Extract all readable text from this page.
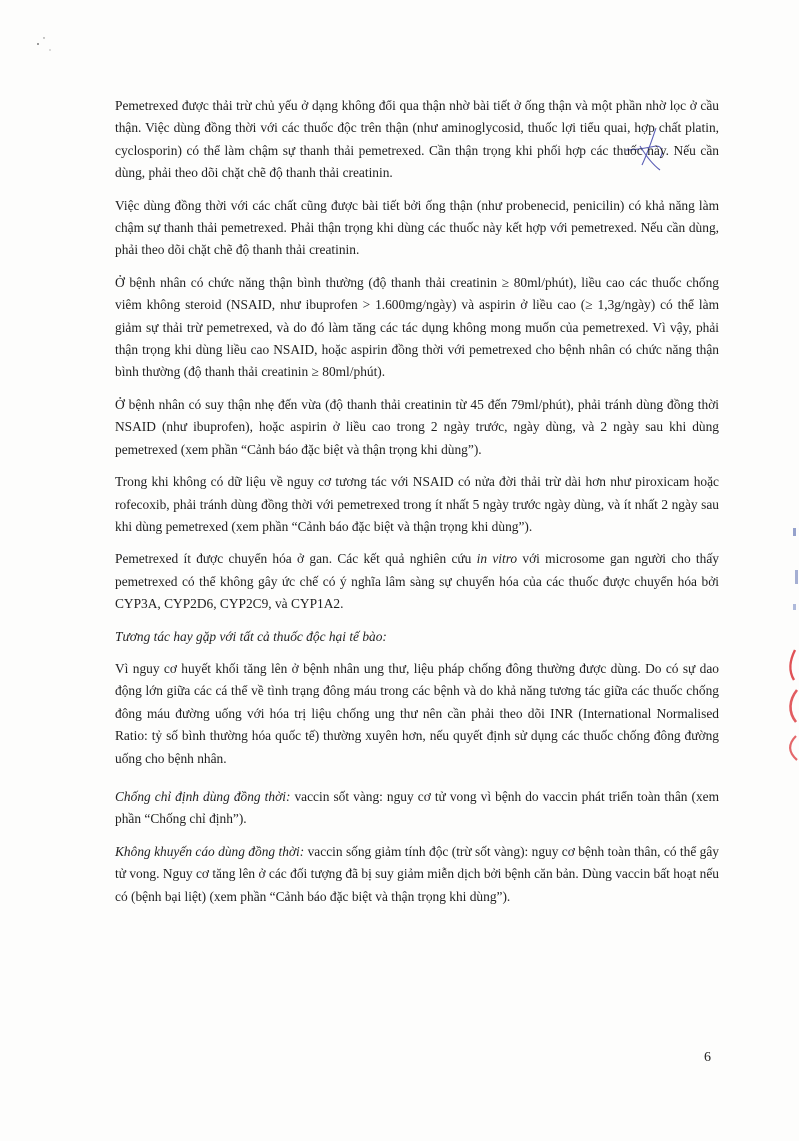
Pemetrexed được thải trừ chủ yếu ở dạng không đổi qua thận nhờ bài tiết ở ống thận và một phần nhờ lọc ở cầu thận. Việc dùng đồng thời với các thuốc độc trên thận (như aminoglycosid, thuốc lợi tiểu quai, hợp chất platin, cyclosporin) có thể làm chậm sự thanh thải pemetrexed. Cần thận trọng khi phối hợp các thuốc này. Nếu cần dùng, phải theo dõi chặt chẽ độ thanh thải creatinin.

Việc dùng đồng thời với các chất cũng được bài tiết bởi ống thận (như probenecid, penicilin) có khả năng làm chậm sự thanh thải pemetrexed. Phải thận trọng khi dùng các thuốc này kết hợp với pemetrexed. Nếu cần dùng, phải theo dõi chặt chẽ độ thanh thải creatinin.

Ở bệnh nhân có chức năng thận bình thường (độ thanh thải creatinin ≥ 80ml/phút), liều cao các thuốc chống viêm không steroid (NSAID, như ibuprofen > 1.600mg/ngày) và aspirin ở liều cao (≥ 1,3g/ngày) có thể làm giảm sự thải trừ pemetrexed, và do đó làm tăng các tác dụng không mong muốn của pemetrexed. Vì vậy, phải thận trọng khi dùng liều cao NSAID, hoặc aspirin đồng thời với pemetrexed cho bệnh nhân có chức năng thận bình thường (độ thanh thải creatinin ≥ 80ml/phút).

Ở bệnh nhân có suy thận nhẹ đến vừa (độ thanh thải creatinin từ 45 đến 79ml/phút), phải tránh dùng đồng thời NSAID (như ibuprofen), hoặc aspirin ở liều cao trong 2 ngày trước, ngày dùng, và 2 ngày sau khi dùng pemetrexed (xem phần “Cảnh báo đặc biệt và thận trọng khi dùng”).

Trong khi không có dữ liệu về nguy cơ tương tác với NSAID có nửa đời thải trừ dài hơn như piroxicam hoặc rofecoxib, phải tránh dùng đồng thời với pemetrexed trong ít nhất 5 ngày trước ngày dùng, và ít nhất 2 ngày sau khi dùng pemetrexed (xem phần “Cảnh báo đặc biệt và thận trọng khi dùng”).

Pemetrexed ít được chuyển hóa ở gan. Các kết quả nghiên cứu in vitro với microsome gan người cho thấy pemetrexed có thể không gây ức chế có ý nghĩa lâm sàng sự chuyển hóa của các thuốc được chuyển hóa bởi CYP3A, CYP2D6, CYP2C9, và CYP1A2.

Tương tác hay gặp với tất cả thuốc độc hại tế bào:

Vì nguy cơ huyết khối tăng lên ở bệnh nhân ung thư, liệu pháp chống đông thường được dùng. Do có sự dao động lớn giữa các cá thể về tình trạng đông máu trong các bệnh và do khả năng tương tác giữa các thuốc chống đông máu đường uống với hóa trị liệu chống ung thư nên cần phải theo dõi INR (International Normalised Ratio: tỷ số bình thường hóa quốc tế) thường xuyên hơn, nếu quyết định sử dụng các thuốc chống đông đường uống cho bệnh nhân.

Chống chỉ định dùng đồng thời: vaccin sốt vàng: nguy cơ tử vong vì bệnh do vaccin phát triển toàn thân (xem phần “Chống chỉ định”).

Không khuyến cáo dùng đồng thời: vaccin sống giảm tính độc (trừ sốt vàng): nguy cơ bệnh toàn thân, có thể gây tử vong. Nguy cơ tăng lên ở các đối tượng đã bị suy giảm miễn dịch bởi bệnh căn bản. Dùng vaccin bất hoạt nếu có (bệnh bại liệt) (xem phần “Cảnh báo đặc biệt và thận trọng khi dùng”).

6
